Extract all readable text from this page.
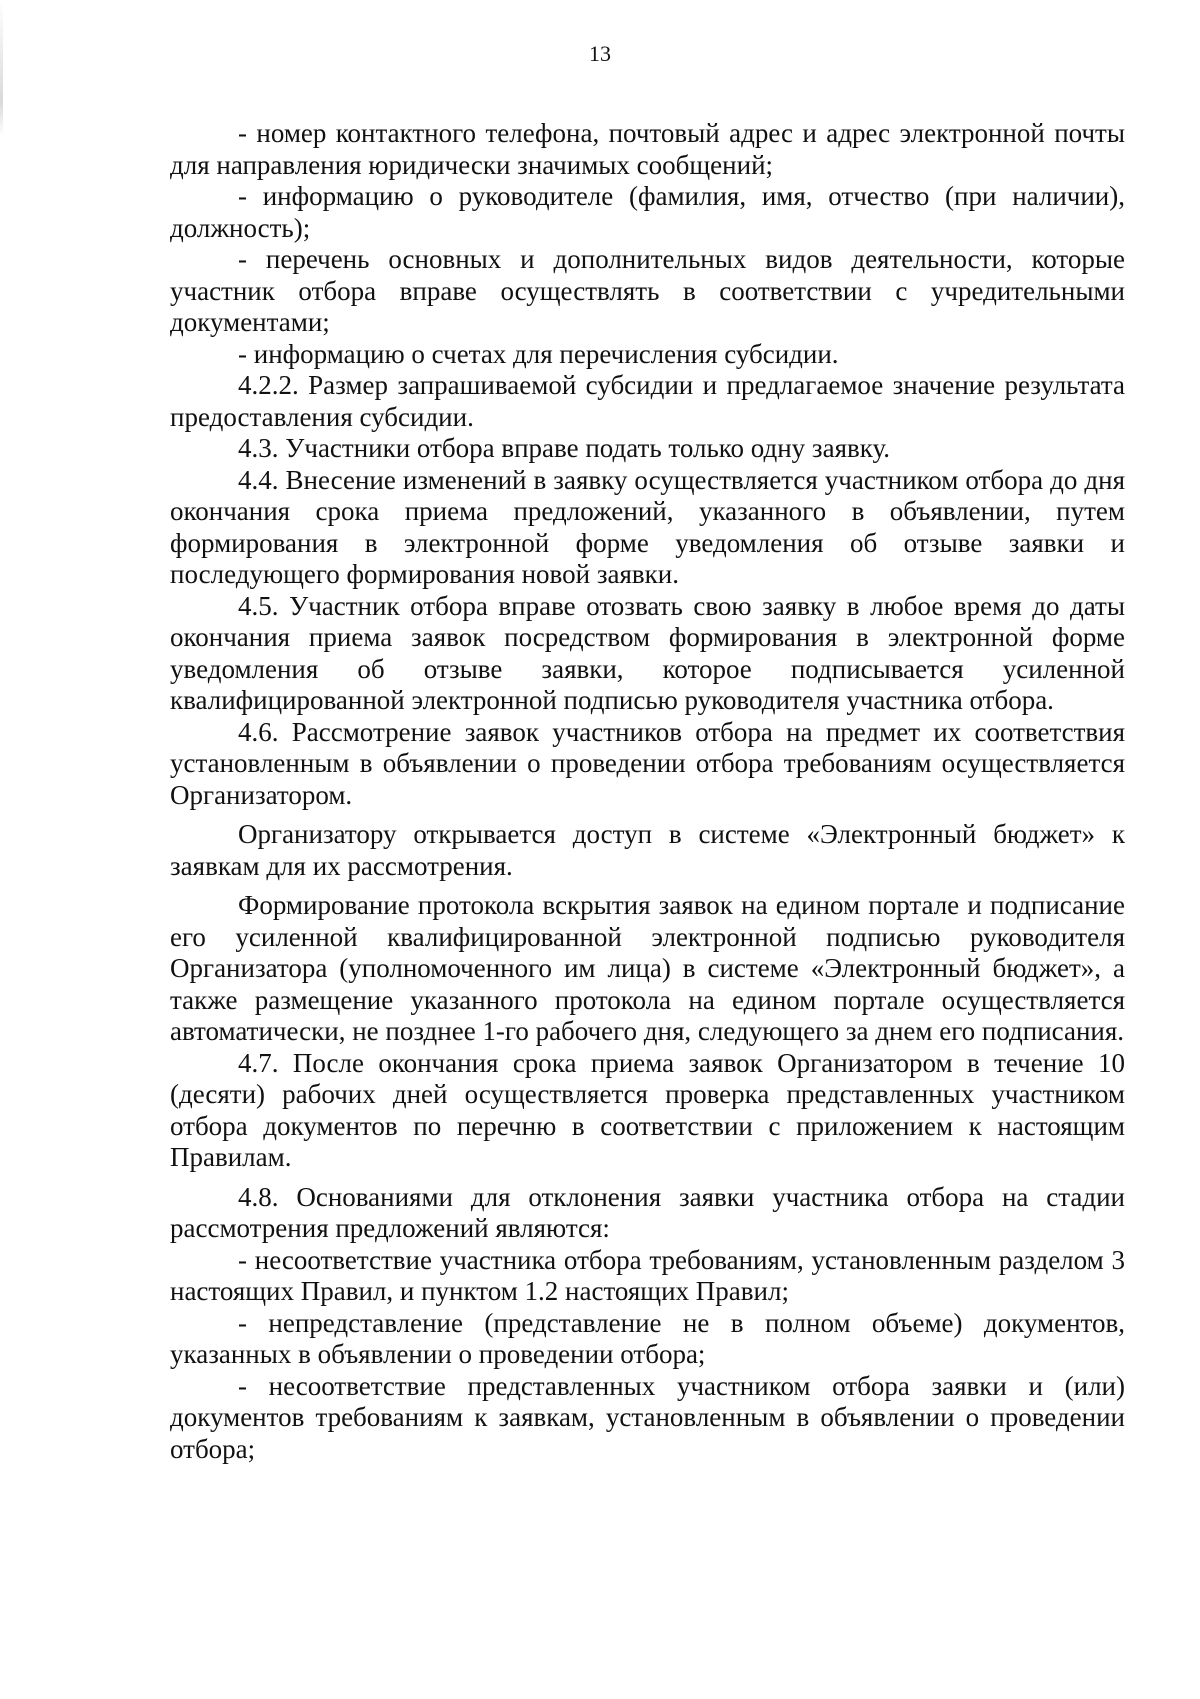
13

- номер контактного телефона, почтовый адрес и адрес электронной почты для направления юридически значимых сообщений;

- информацию о руководителе (фамилия, имя, отчество (при наличии), должность);

- перечень основных и дополнительных видов деятельности, которые участник отбора вправе осуществлять в соответствии с учредительными документами;

- информацию о счетах для перечисления субсидии.

4.2.2. Размер запрашиваемой субсидии и предлагаемое значение результата предоставления субсидии.

4.3. Участники отбора вправе подать только одну заявку.

4.4. Внесение изменений в заявку осуществляется участником отбора до дня окончания срока приема предложений, указанного в объявлении, путем формирования в электронной форме уведомления об отзыве заявки и последующего формирования новой заявки.

4.5. Участник отбора вправе отозвать свою заявку в любое время до даты окончания приема заявок посредством формирования в электронной форме уведомления об отзыве заявки, которое подписывается усиленной квалифицированной электронной подписью руководителя участника отбора.

4.6. Рассмотрение заявок участников отбора на предмет их соответствия установленным в объявлении о проведении отбора требованиям осуществляется Организатором.

Организатору открывается доступ в системе «Электронный бюджет» к заявкам для их рассмотрения.

Формирование протокола вскрытия заявок на едином портале и подписание его усиленной квалифицированной электронной подписью руководителя Организатора (уполномоченного им лица) в системе «Электронный бюджет», а также размещение указанного протокола на едином портале осуществляется автоматически, не позднее 1-го рабочего дня, следующего за днем его подписания.

4.7. После окончания срока приема заявок Организатором в течение 10 (десяти) рабочих дней осуществляется проверка представленных участником отбора документов по перечню в соответствии с приложением к настоящим Правилам.

4.8. Основаниями для отклонения заявки участника отбора на стадии рассмотрения предложений являются:

- несоответствие участника отбора требованиям, установленным разделом 3 настоящих Правил, и пунктом 1.2 настоящих Правил;

- непредставление (представление не в полном объеме) документов, указанных в объявлении о проведении отбора;

- несоответствие представленных участником отбора заявки и (или) документов требованиям к заявкам, установленным в объявлении о проведении отбора;
